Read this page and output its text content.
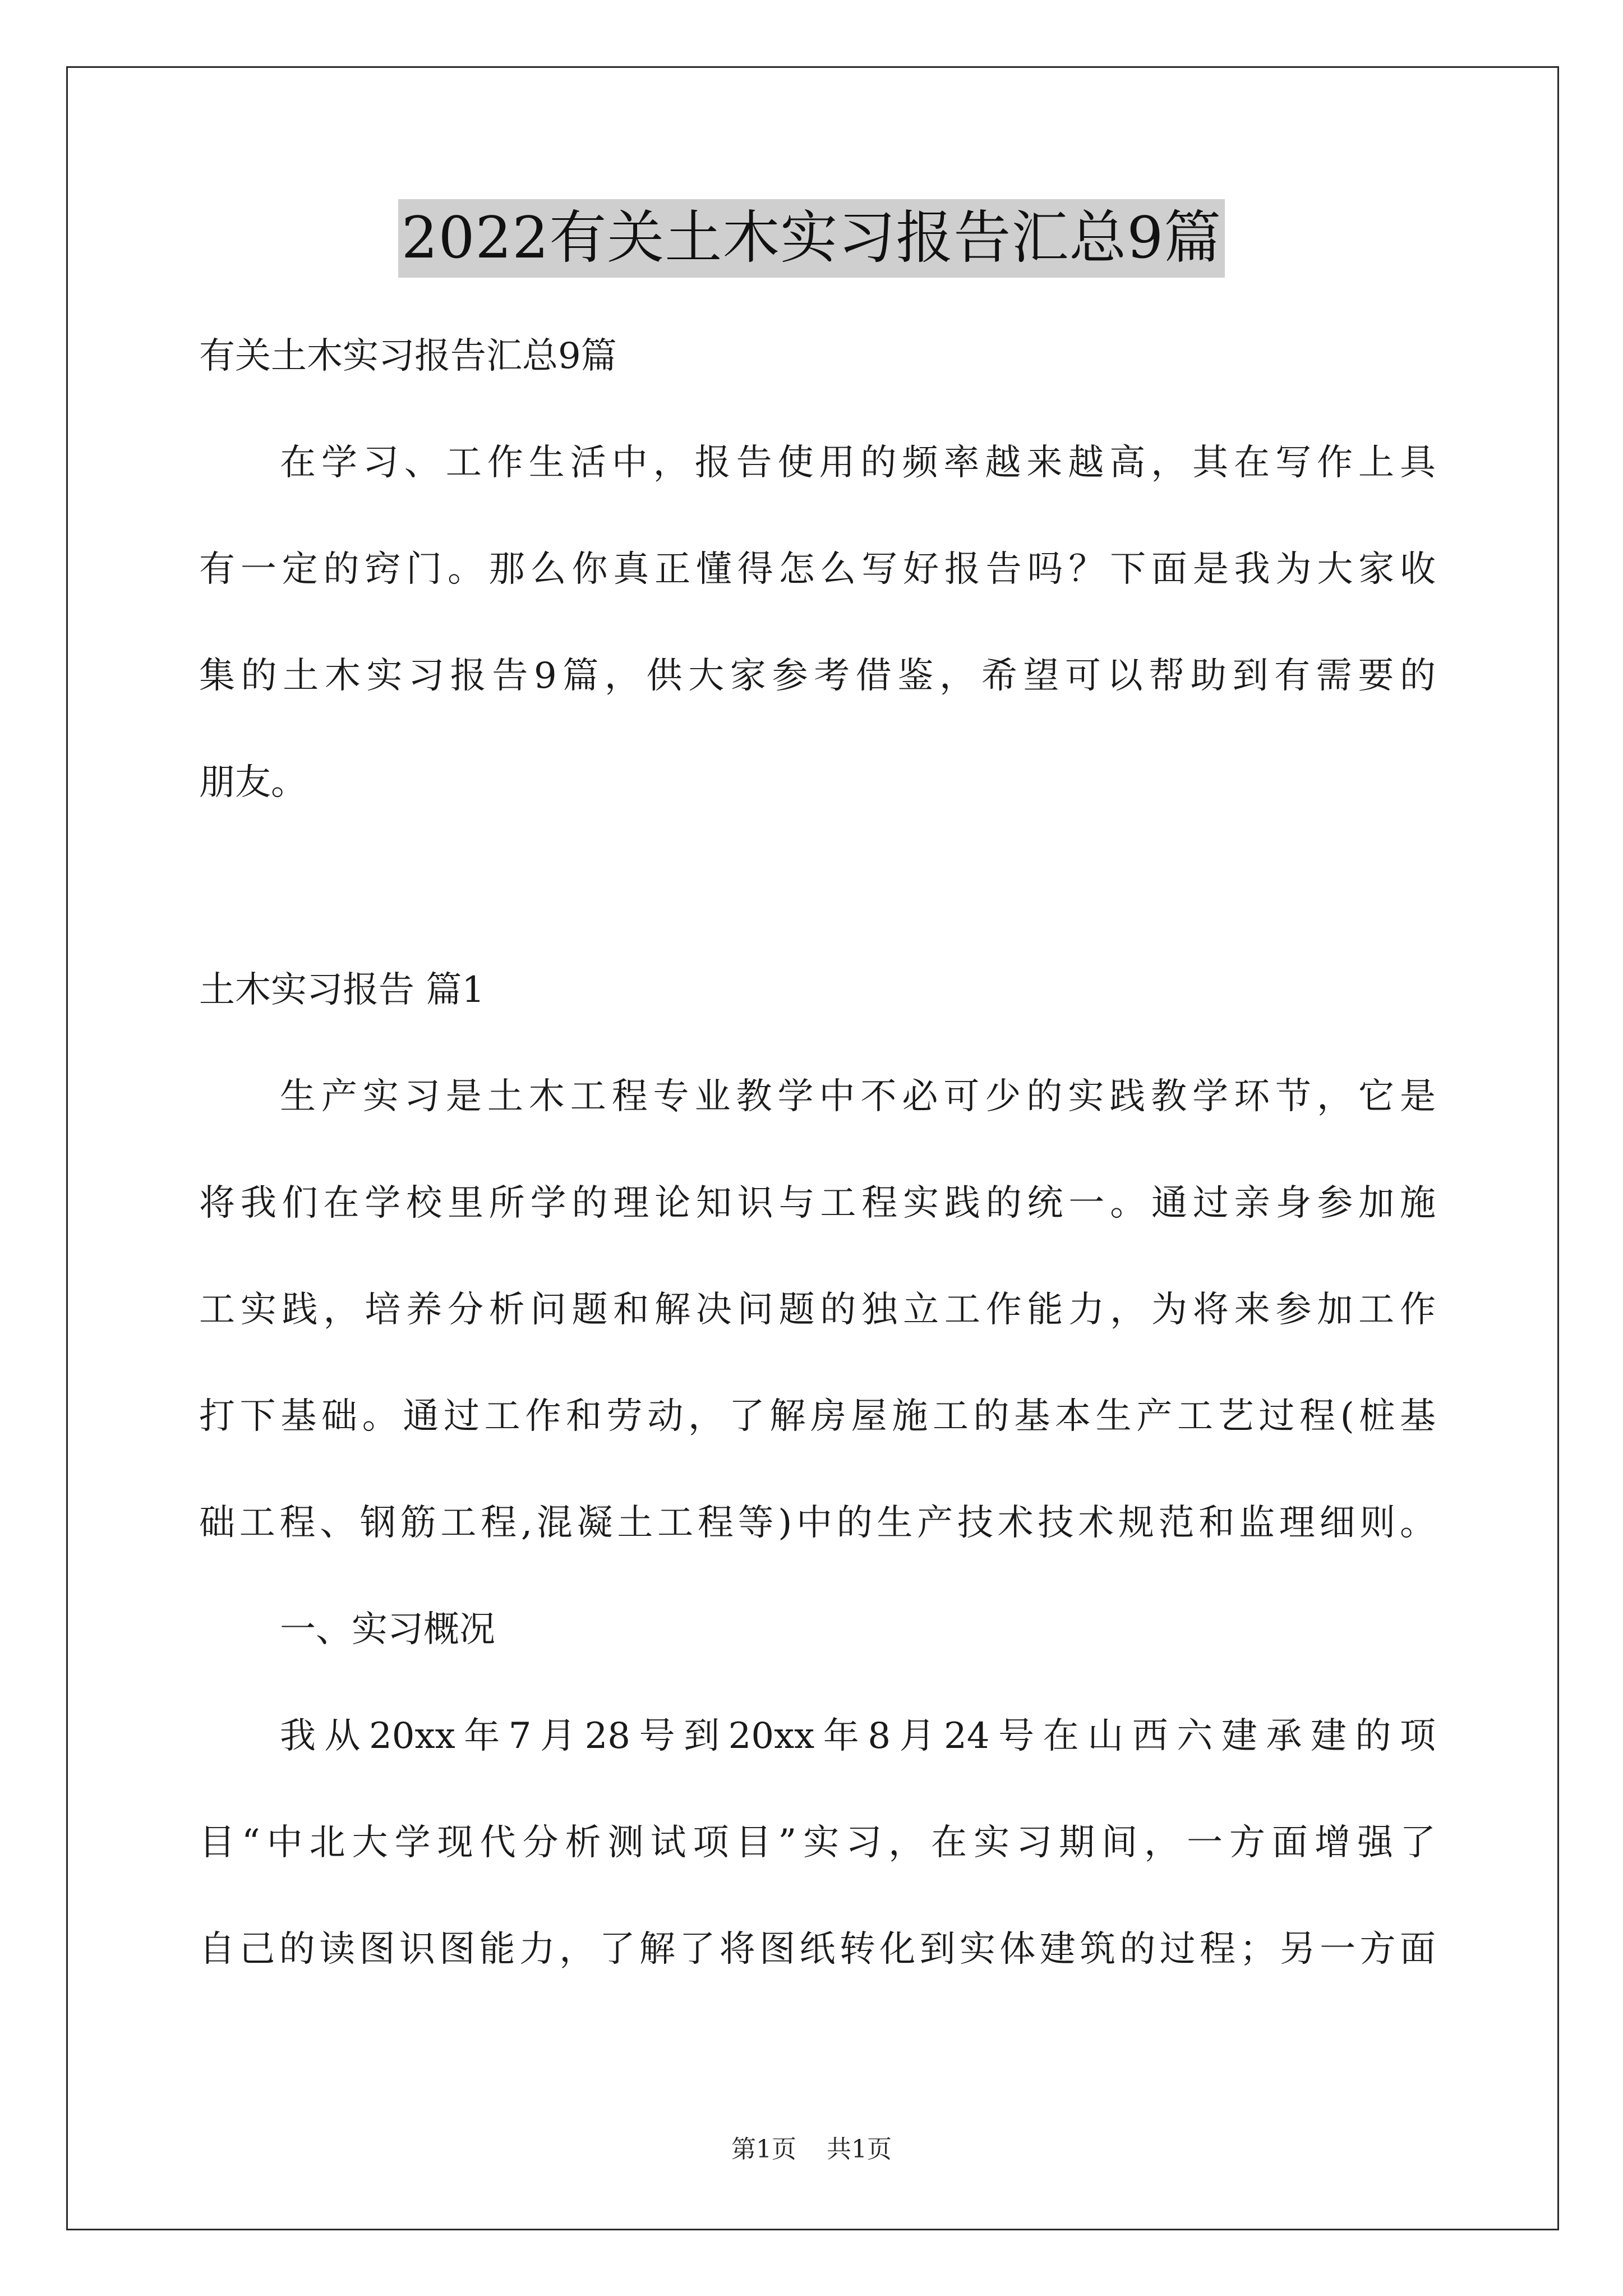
2022有关土木实习报告汇总9篇

有关土木实习报告汇总9篇

在学习、工作生活中，报告使用的频率越来越高，其在写作上具

有一定的窍门。那么你真正懂得怎么写好报告吗？下面是我为大家收

集的土木实习报告9篇，供大家参考借鉴，希望可以帮助到有需要的

朋友。

土木实习报告 篇1

生产实习是土木工程专业教学中不必可少的实践教学环节，它是

将我们在学校里所学的理论知识与工程实践的统一。通过亲身参加施

工实践，培养分析问题和解决问题的独立工作能力，为将来参加工作

打下基础。通过工作和劳动，了解房屋施工的基本生产工艺过程(桩基

础工程、钢筋工程,混凝土工程等)中的生产技术技术规范和监理细则。

一、实习概况

我从20xx年7月28号到20xx年8月24号在山西六建承建的项

目“中北大学现代分析测试项目”实习，在实习期间，一方面增强了

自己的读图识图能力，了解了将图纸转化到实体建筑的过程；另一方面

第1页 共1页
